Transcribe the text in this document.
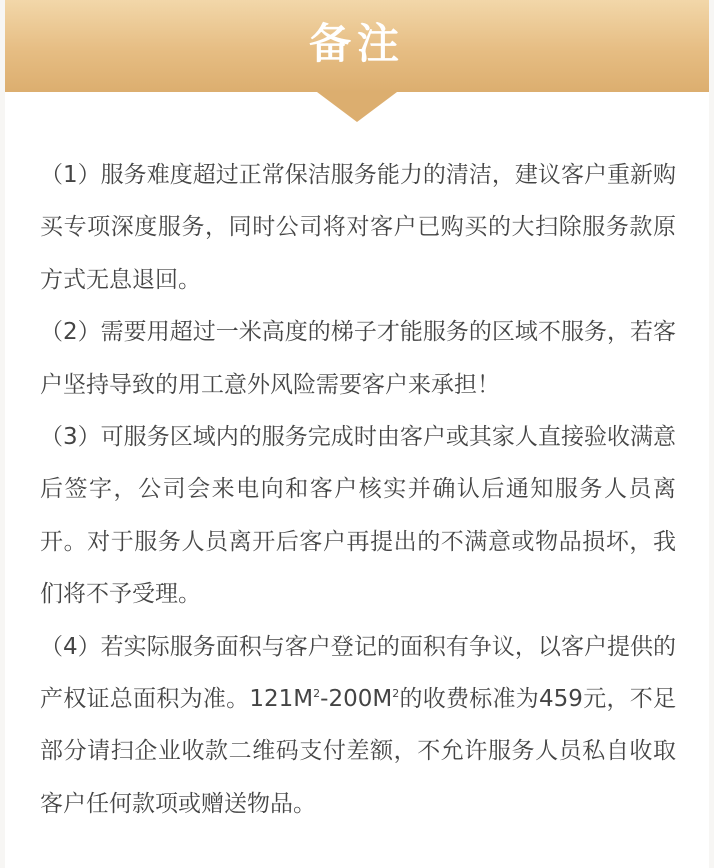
备注

（1）服务难度超过正常保洁服务能力的清洁，建议客户重新购买专项深度服务，同时公司将对客户已购买的大扫除服务款原方式无息退回。

（2）需要用超过一米高度的梯子才能服务的区域不服务，若客户坚持导致的用工意外风险需要客户来承担！

（3）可服务区域内的服务完成时由客户或其家人直接验收满意后签字，公司会来电向和客户核实并确认后通知服务人员离开。对于服务人员离开后客户再提出的不满意或物品损坏，我们将不予受理。

（4）若实际服务面积与客户登记的面积有争议，以客户提供的产权证总面积为准。$121M^2-200M^2$的收费标准为459元，不足部分请扫企业收款二维码支付差额，不允许服务人员私自收取客户任何款项或赠送物品。
